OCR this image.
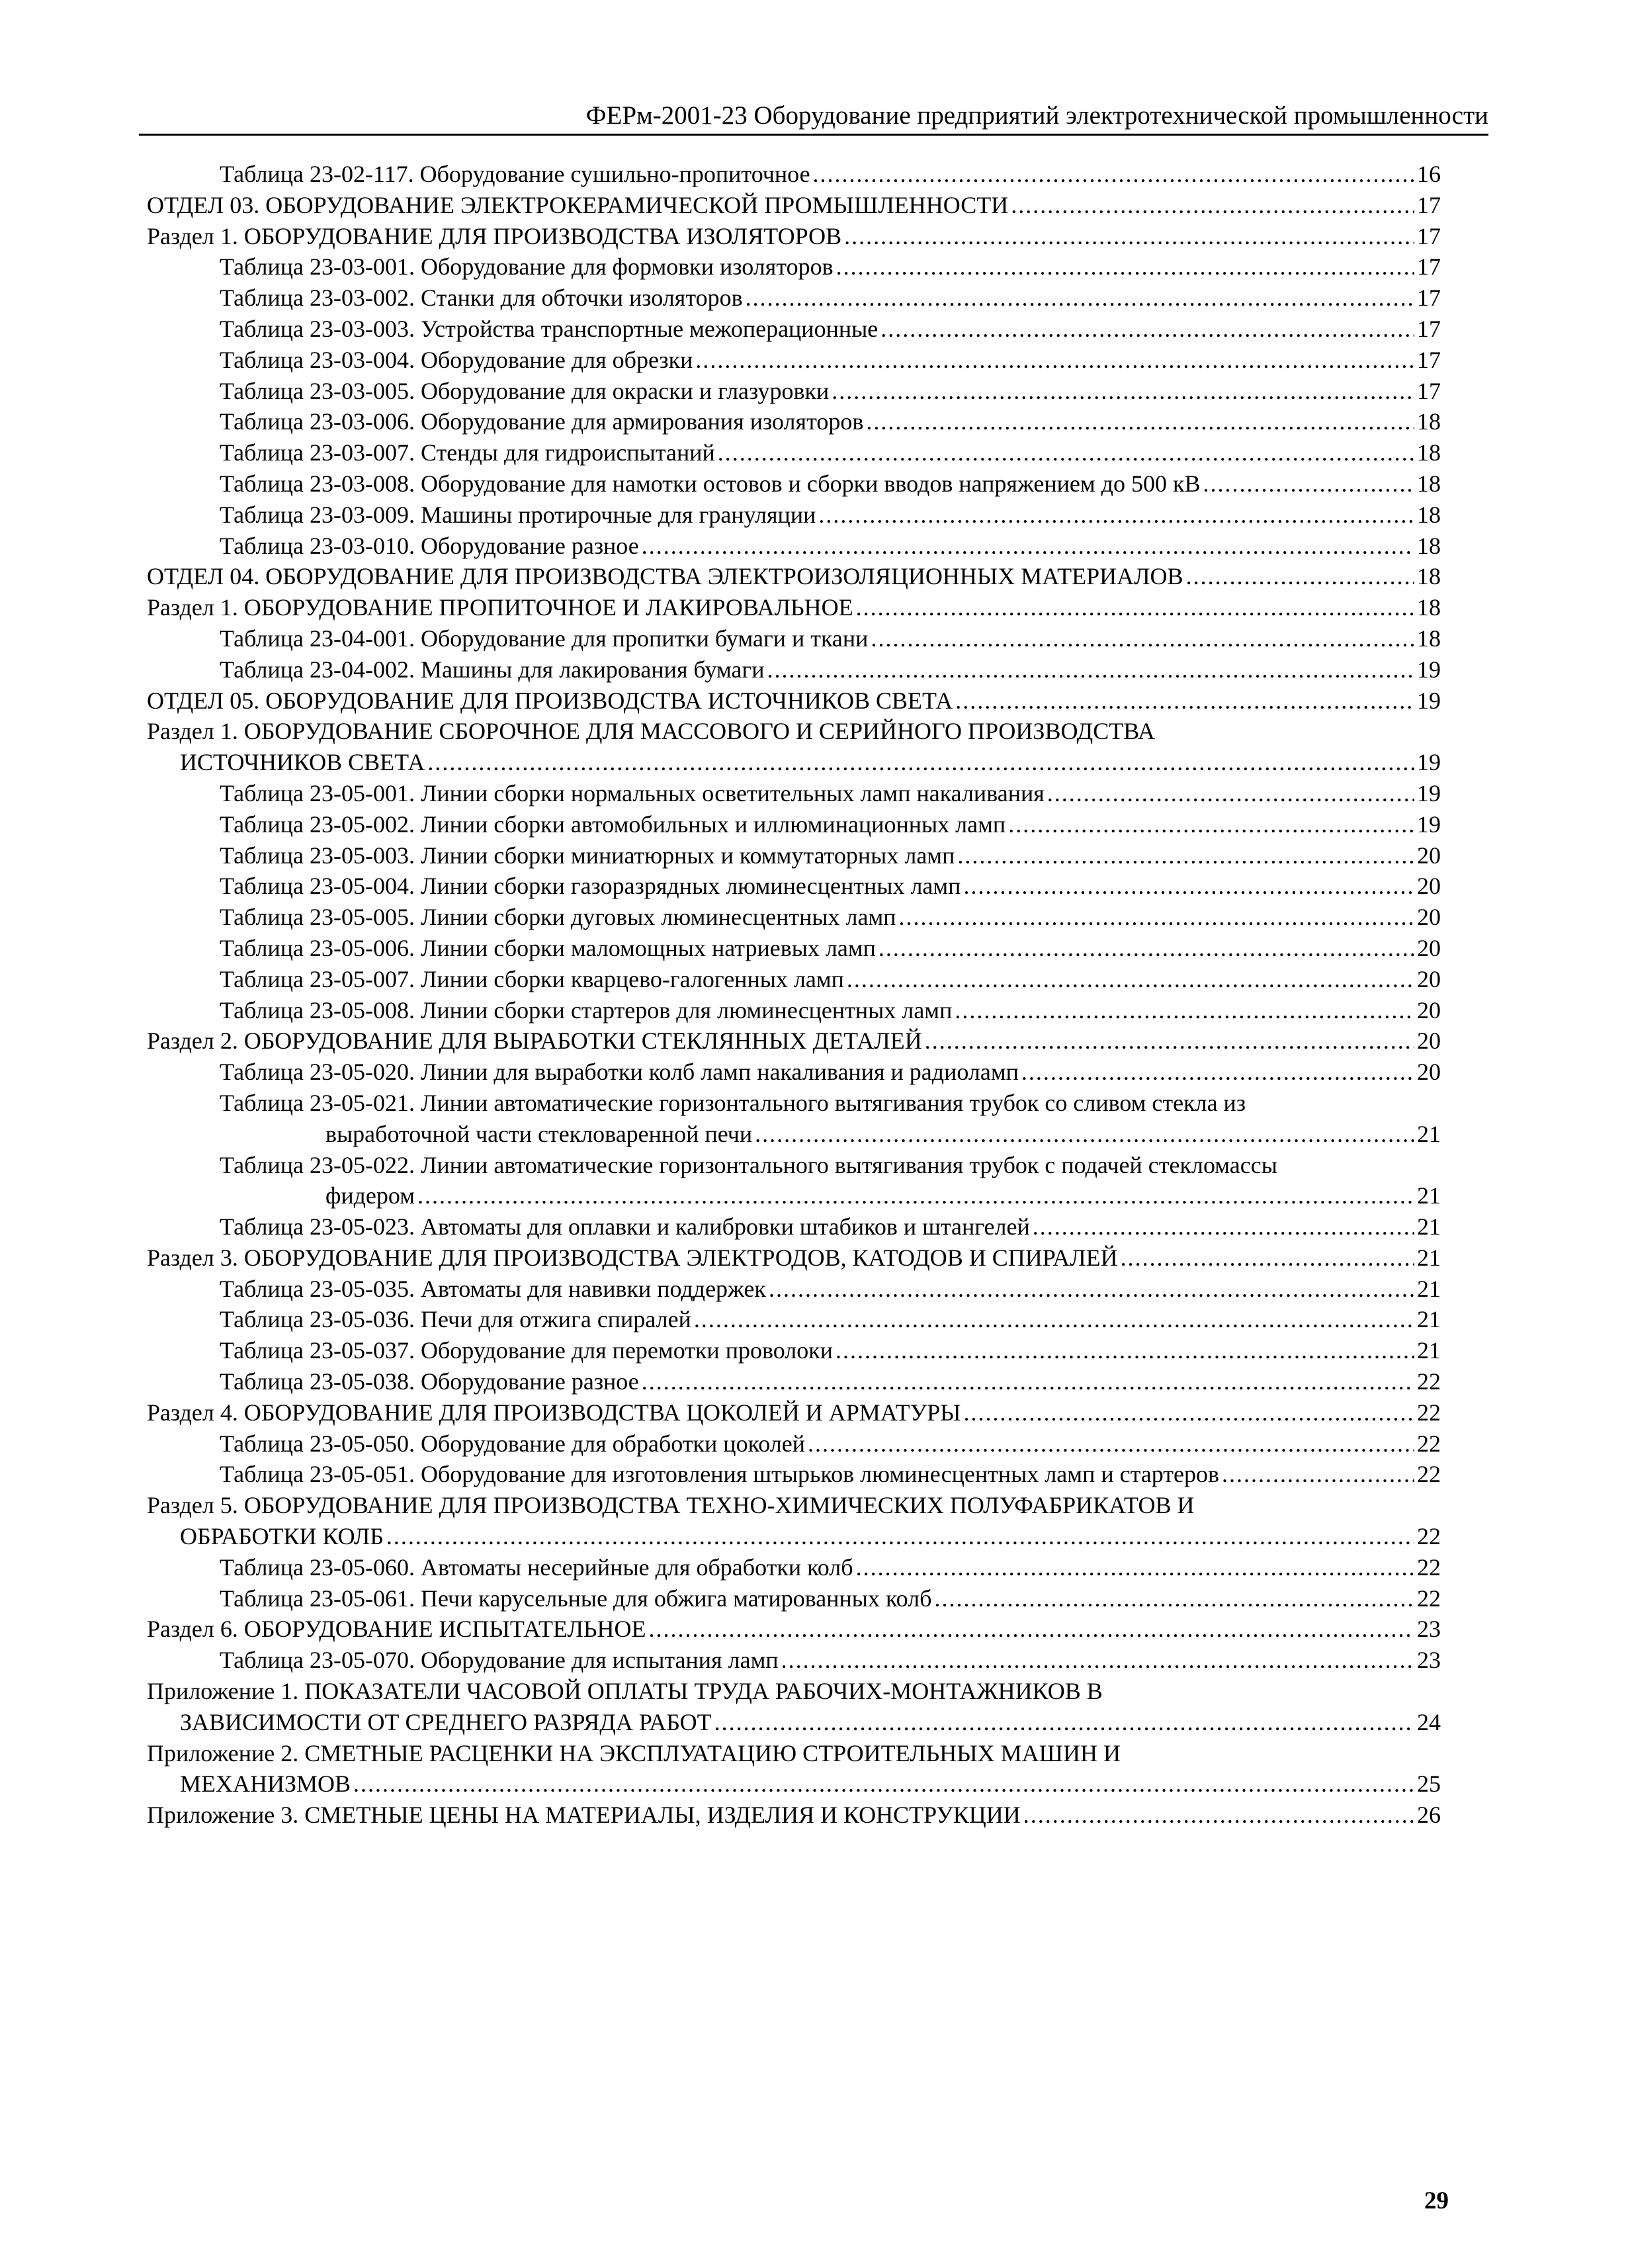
ФЕРм-2001-23 Оборудование предприятий электротехнической промышленности
Таблица 23-02-117. Оборудование сушильно-пропиточное .....	16
ОТДЕЛ 03. ОБОРУДОВАНИЕ ЭЛЕКТРОКЕРАМИЧЕСКОЙ ПРОМЫШЛЕННОСТИ .....	17
Раздел 1. ОБОРУДОВАНИЕ ДЛЯ ПРОИЗВОДСТВА ИЗОЛЯТОРОВ .....	17
Таблица 23-03-001. Оборудование для формовки изоляторов .....	17
Таблица 23-03-002. Станки для обточки изоляторов .....	17
Таблица 23-03-003. Устройства транспортные межоперационные .....	17
Таблица 23-03-004. Оборудование для обрезки .....	17
Таблица 23-03-005. Оборудование для окраски и глазуровки .....	17
Таблица 23-03-006. Оборудование для армирования изоляторов .....	18
Таблица 23-03-007. Стенды для гидроиспытаний .....	18
Таблица 23-03-008. Оборудование для намотки остовов и сборки вводов напряжением до 500 кВ .....	18
Таблица 23-03-009. Машины протирочные для грануляции .....	18
Таблица 23-03-010. Оборудование разное .....	18
ОТДЕЛ 04. ОБОРУДОВАНИЕ ДЛЯ ПРОИЗВОДСТВА ЭЛЕКТРОИЗОЛЯЦИОННЫХ МАТЕРИАЛОВ .....	18
Раздел 1. ОБОРУДОВАНИЕ ПРОПИТОЧНОЕ И ЛАКИРОВАЛЬНОЕ .....	18
Таблица 23-04-001. Оборудование для пропитки бумаги и ткани .....	18
Таблица 23-04-002. Машины для лакирования бумаги .....	19
ОТДЕЛ 05. ОБОРУДОВАНИЕ ДЛЯ ПРОИЗВОДСТВА ИСТОЧНИКОВ СВЕТА .....	19
Раздел 1. ОБОРУДОВАНИЕ СБОРОЧНОЕ ДЛЯ МАССОВОГО И СЕРИЙНОГО ПРОИЗВОДСТВА
ИСТОЧНИКОВ СВЕТА .....	19
Таблица 23-05-001. Линии сборки нормальных осветительных ламп накаливания .....	19
Таблица 23-05-002. Линии сборки автомобильных и иллюминационных ламп .....	19
Таблица 23-05-003. Линии сборки миниатюрных и коммутаторных ламп .....	20
Таблица 23-05-004. Линии сборки газоразрядных люминесцентных ламп .....	20
Таблица 23-05-005. Линии сборки дуговых люминесцентных ламп .....	20
Таблица 23-05-006. Линии сборки маломощных натриевых ламп .....	20
Таблица 23-05-007. Линии сборки кварцево-галогенных ламп .....	20
Таблица 23-05-008. Линии сборки стартеров для люминесцентных ламп .....	20
Раздел 2. ОБОРУДОВАНИЕ ДЛЯ ВЫРАБОТКИ СТЕКЛЯННЫХ ДЕТАЛЕЙ .....	20
Таблица 23-05-020. Линии для выработки колб ламп накаливания и радиоламп .....	20
Таблица 23-05-021. Линии автоматические горизонтального вытягивания трубок со сливом стекла из
выработочной части стекловаренной печи .....	21
Таблица 23-05-022. Линии автоматические горизонтального вытягивания трубок с подачей стекломассы
фидером .....	21
Таблица 23-05-023. Автоматы для оплавки и калибровки штабиков и штангелей .....	21
Раздел 3. ОБОРУДОВАНИЕ ДЛЯ ПРОИЗВОДСТВА ЭЛЕКТРОДОВ, КАТОДОВ И СПИРАЛЕЙ .....	21
Таблица 23-05-035. Автоматы для навивки поддержек .....	21
Таблица 23-05-036. Печи для отжига спиралей .....	21
Таблица 23-05-037. Оборудование для перемотки проволоки .....	21
Таблица 23-05-038. Оборудование разное .....	22
Раздел 4. ОБОРУДОВАНИЕ ДЛЯ ПРОИЗВОДСТВА ЦОКОЛЕЙ И АРМАТУРЫ .....	22
Таблица 23-05-050. Оборудование для обработки цоколей .....	22
Таблица 23-05-051. Оборудование для изготовления штырьков люминесцентных ламп и стартеров .....	22
Раздел 5. ОБОРУДОВАНИЕ ДЛЯ ПРОИЗВОДСТВА ТЕХНО-ХИМИЧЕСКИХ ПОЛУФАБРИКАТОВ И
ОБРАБОТКИ КОЛБ .....	22
Таблица 23-05-060. Автоматы несерийные для обработки колб .....	22
Таблица 23-05-061. Печи карусельные для обжига матированных колб .....	22
Раздел 6. ОБОРУДОВАНИЕ ИСПЫТАТЕЛЬНОЕ .....	23
Таблица 23-05-070. Оборудование для испытания ламп .....	23
Приложение 1. ПОКАЗАТЕЛИ ЧАСОВОЙ ОПЛАТЫ ТРУДА РАБОЧИХ-МОНТАЖНИКОВ В
ЗАВИСИМОСТИ ОТ СРЕДНЕГО РАЗРЯДА РАБОТ .....	24
Приложение 2. СМЕТНЫЕ РАСЦЕНКИ НА ЭКСПЛУАТАЦИЮ СТРОИТЕЛЬНЫХ МАШИН И
МЕХАНИЗМОВ .....	25
Приложение 3. СМЕТНЫЕ ЦЕНЫ НА МАТЕРИАЛЫ, ИЗДЕЛИЯ И КОНСТРУКЦИИ .....	26
29
